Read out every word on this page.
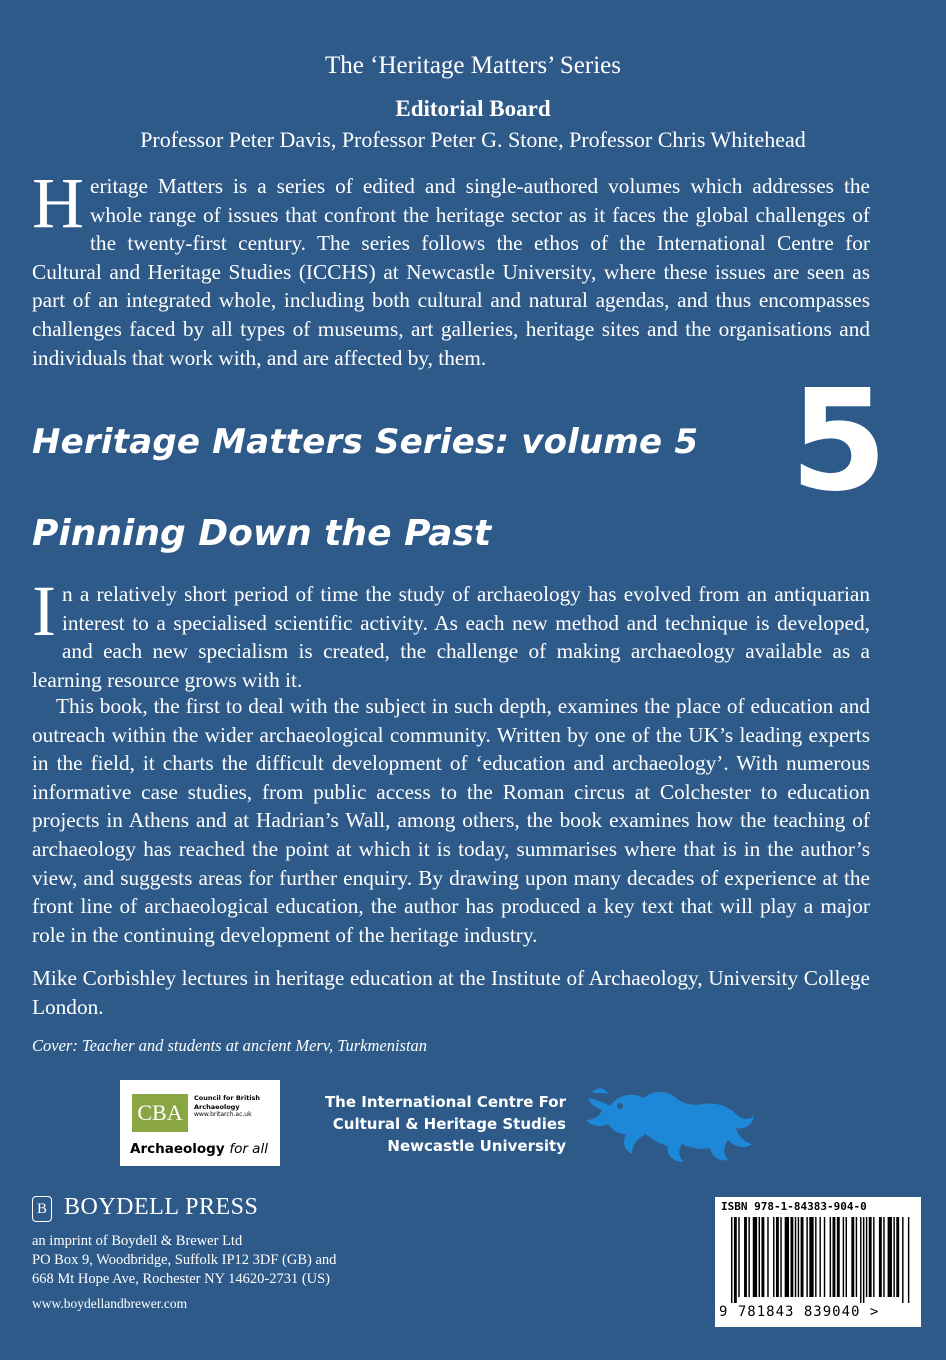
The ‘Heritage Matters’ Series
Editorial Board
Professor Peter Davis, Professor Peter G. Stone, Professor Chris Whitehead

Heritage Matters is a series of edited and single-authored volumes which addresses the whole range of issues that confront the heritage sector as it faces the global challenges of the twenty-first century. The series follows the ethos of the International Centre for Cultural and Heritage Studies (ICCHS) at Newcastle University, where these issues are seen as part of an integrated whole, including both cultural and natural agendas, and thus encompasses challenges faced by all types of museums, art galleries, heritage sites and the organisations and individuals that work with, and are affected by, them.

Heritage Matters Series: volume 5 5
Pinning Down the Past

In a relatively short period of time the study of archaeology has evolved from an antiquarian interest to a specialised scientific activity. As each new method and technique is developed, and each new specialism is created, the challenge of making archaeology available as a learning resource grows with it.

This book, the first to deal with the subject in such depth, examines the place of education and outreach within the wider archaeological community. Written by one of the UK’s leading experts in the field, it charts the difficult development of ‘education and archaeology’. With numerous informative case studies, from public access to the Roman circus at Colchester to education projects in Athens and at Hadrian’s Wall, among others, the book examines how the teaching of archaeology has reached the point at which it is today, summarises where that is in the author’s view, and suggests areas for further enquiry. By drawing upon many decades of experience at the front line of archaeological education, the author has produced a key text that will play a major role in the continuing development of the heritage industry.

Mike Corbishley lectures in heritage education at the Institute of Archaeology, University College London.

Cover: Teacher and students at ancient Merv, Turkmenistan
CBA
Council for British
Archaeology
www.britarch.ac.uk
Archaeology for all
The International Centre For
Cultural & Heritage Studies
Newcastle University
B BOYDELL PRESS
an imprint of Boydell & Brewer Ltd
PO Box 9, Woodbridge, Suffolk IP12 3DF (GB) and
668 Mt Hope Ave, Rochester NY 14620-2731 (US)
www.boydellandbrewer.com
ISBN 978-1-84383-904-0
9 781843 839040 >
